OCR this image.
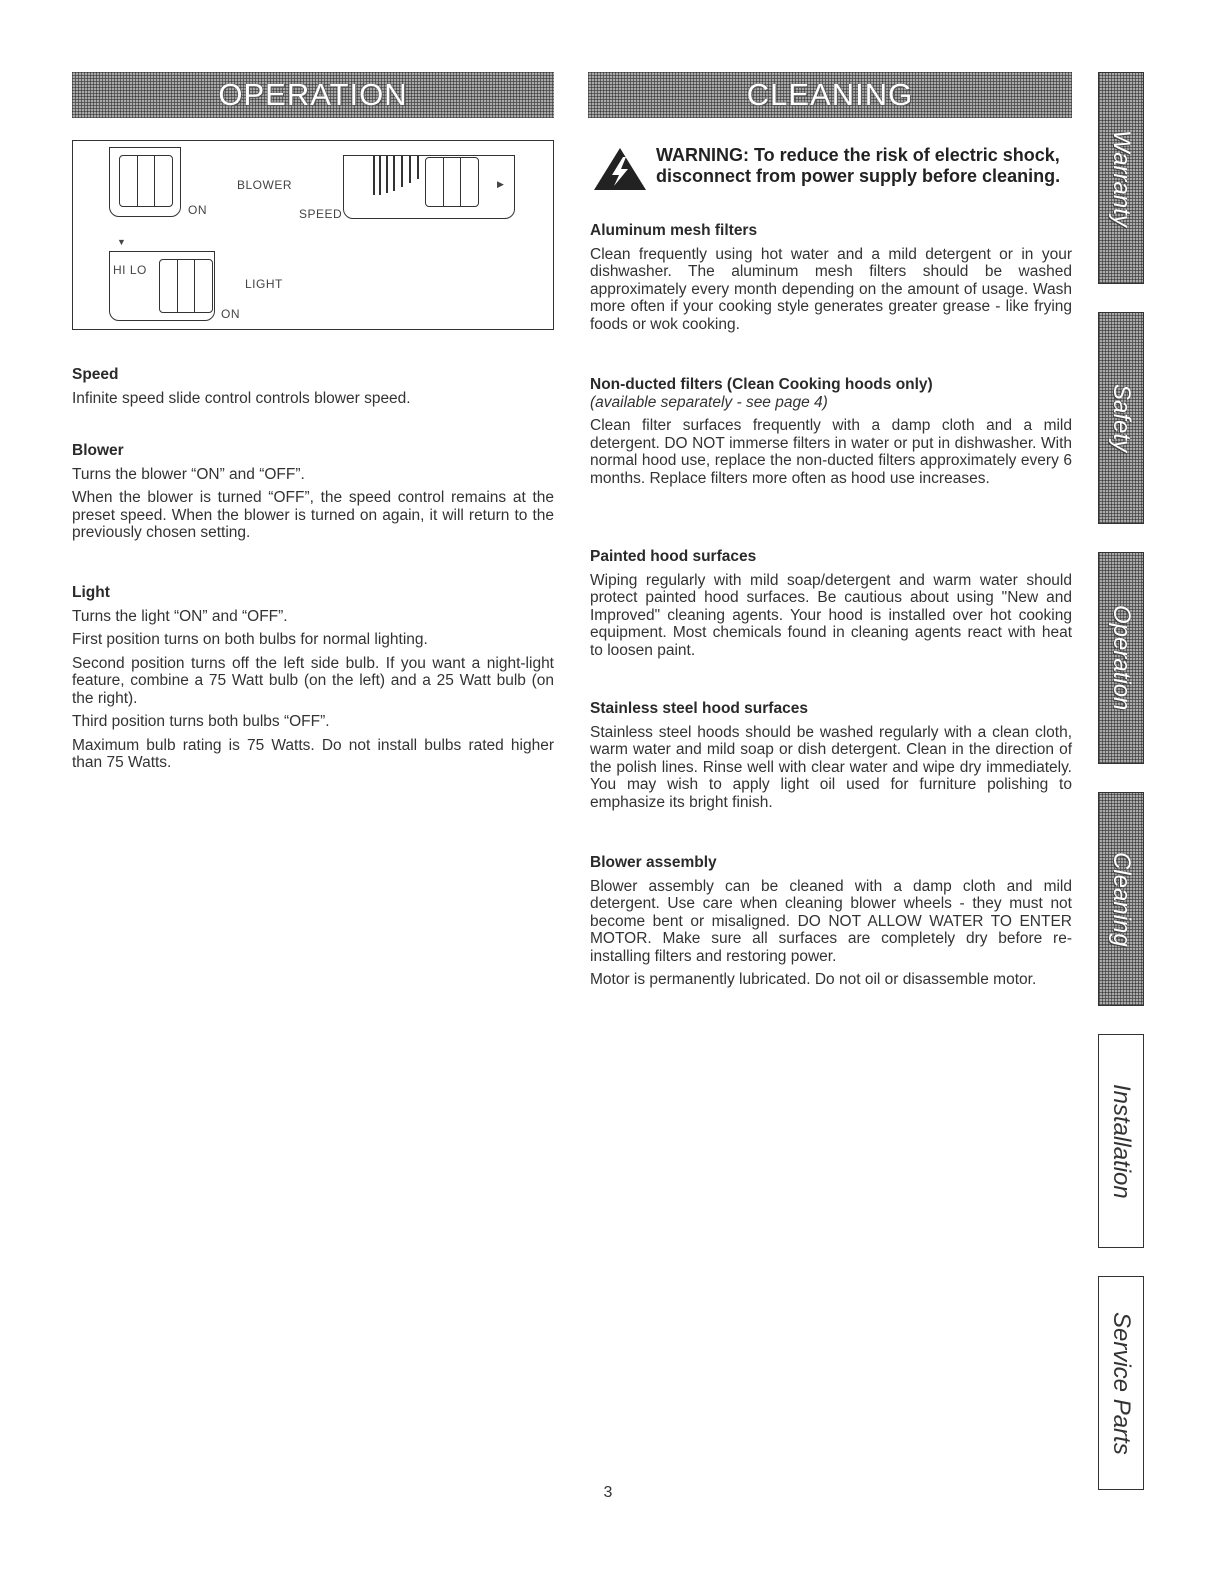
OPERATION	CLEANING
ON
BLOWER	▶
SPEED
▼
HI LO
LIGHT
ON
Speed

Infinite speed slide control controls blower speed.

Blower

Turns the blower “ON” and “OFF”.

When the blower is turned “OFF”, the speed control remains at the preset speed. When the blower is turned on again, it will return to the previously chosen setting.

Light

Turns the light “ON” and “OFF”.

First position turns on both bulbs for normal lighting.

Second position turns off the left side bulb. If you want a night-light feature, combine a 75 Watt bulb (on the left) and a 25 Watt bulb (on the right).

Third position turns both bulbs “OFF”.

Maximum bulb rating is 75 Watts. Do not install bulbs rated higher than 75 Watts.

WARNING: To reduce the risk of electric shock,
disconnect from power supply before cleaning.
Aluminum mesh filters

Clean frequently using hot water and a mild detergent or in your dishwasher. The aluminum mesh filters should be washed approximately every month depending on the amount of usage. Wash more often if your cooking style generates greater grease - like frying foods or wok cooking.

Non-ducted filters (Clean Cooking hoods only)
(available separately - see page 4)

Clean filter surfaces frequently with a damp cloth and a mild detergent. DO NOT immerse filters in water or put in dishwasher. With normal hood use, replace the non-ducted filters approximately every 6 months. Replace filters more often as hood use increases.

Painted hood surfaces

Wiping regularly with mild soap/detergent and warm water should protect painted hood surfaces. Be cautious about using "New and Improved" cleaning agents. Your hood is installed over hot cooking equipment. Most chemicals found in cleaning agents react with heat to loosen paint.

Stainless steel hood surfaces

Stainless steel hoods should be washed regularly with a clean cloth, warm water and mild soap or dish detergent. Clean in the direction of the polish lines. Rinse well with clear water and wipe dry immediately. You may wish to apply light oil used for furniture polishing to emphasize its bright finish.

Blower assembly

Blower assembly can be cleaned with a damp cloth and mild detergent. Use care when cleaning blower wheels - they must not become bent or misaligned. DO NOT ALLOW WATER TO ENTER MOTOR. Make sure all surfaces are completely dry before re-installing filters and restoring power.

Motor is permanently lubricated. Do not oil or disassemble motor.

Warranty
Safety
Operation
Cleaning
Installation
Service Parts
3
